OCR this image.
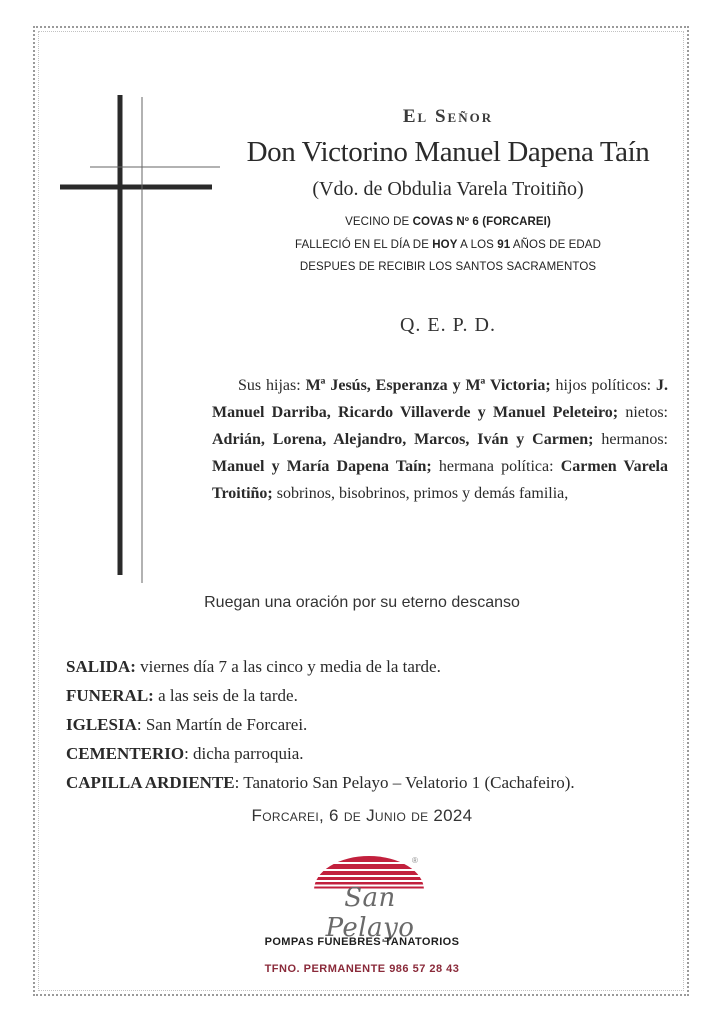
El Señor
Don Victorino Manuel Dapena Taín
(Vdo. de Obdulia Varela Troitiño)
VECINO DE COVAS Nº 6 (FORCAREI)
FALLECIÓ EN EL DÍA DE HOY A LOS 91 AÑOS DE EDAD
DESPUES DE RECIBIR LOS SANTOS SACRAMENTOS
Q. E. P. D.
Sus hijas: Mª Jesús, Esperanza y Mª Victoria; hijos políticos: J. Manuel Darriba, Ricardo Villaverde y Manuel Peleteiro; nietos: Adrián, Lorena, Alejandro, Marcos, Iván y Carmen; hermanos: Manuel y María Dapena Taín; hermana política: Carmen Varela Troitiño; sobrinos, bisobrinos, primos y demás familia,
Ruegan una oración por su eterno descanso
SALIDA: viernes día 7 a las cinco y media de la tarde.
FUNERAL: a las seis de la tarde.
IGLESIA: San Martín de Forcarei.
CEMENTERIO: dicha parroquia.
CAPILLA ARDIENTE: Tanatorio San Pelayo – Velatorio 1 (Cachafeiro).
Forcarei, 6 de Junio de 2024
San Pelayo
®
POMPAS FUNEBRES TANATORIOS
TFNO. PERMANENTE 986 57 28 43
